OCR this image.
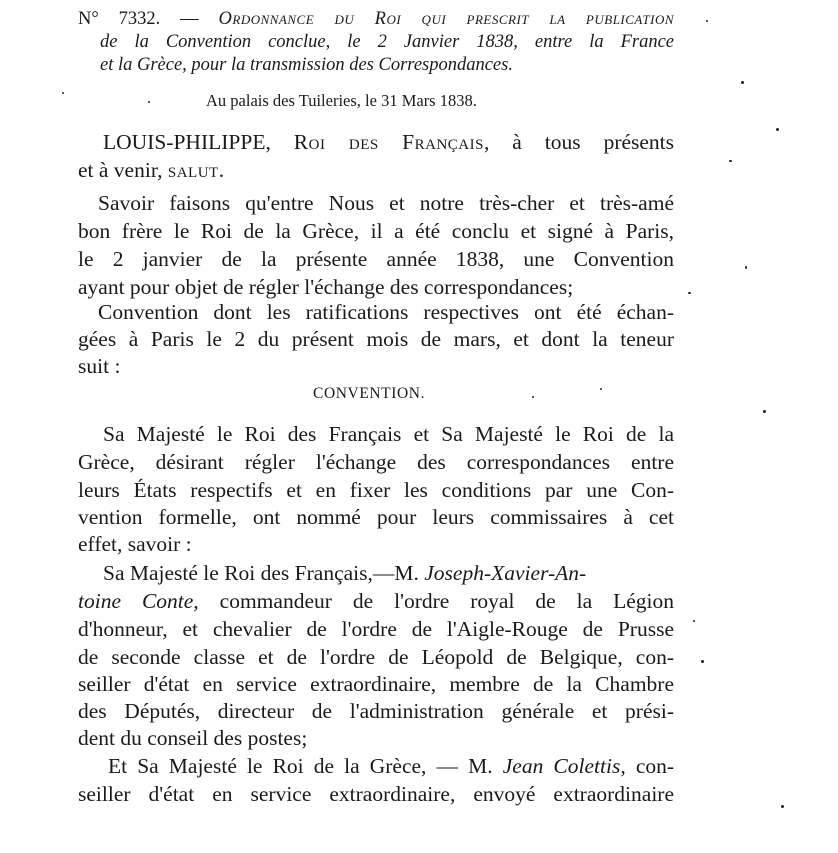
N° 7332. — Ordonnance du Roi qui prescrit la publication
de la Convention conclue, le 2 Janvier 1838, entre la France
et la Grèce, pour la transmission des Correspondances.
Au palais des Tuileries, le 31 Mars 1838.
LOUIS-PHILIPPE, Roi des Français, à tous présents
et à venir, salut.
Savoir faisons qu'entre Nous et notre très-cher et très-amé
bon frère le Roi de la Grèce, il a été conclu et signé à Paris,
le 2 janvier de la présente année 1838, une Convention
ayant pour objet de régler l'échange des correspondances;
Convention dont les ratifications respectives ont été échan-
gées à Paris le 2 du présent mois de mars, et dont la teneur
suit :
CONVENTION.
Sa Majesté le Roi des Français et Sa Majesté le Roi de la
Grèce, désirant régler l'échange des correspondances entre
leurs États respectifs et en fixer les conditions par une Con-
vention formelle, ont nommé pour leurs commissaires à cet
effet, savoir :
Sa Majesté le Roi des Français,—M. Joseph-Xavier-An-
toine Conte, commandeur de l'ordre royal de la Légion
d'honneur, et chevalier de l'ordre de l'Aigle-Rouge de Prusse
de seconde classe et de l'ordre de Léopold de Belgique, con-
seiller d'état en service extraordinaire, membre de la Chambre
des Députés, directeur de l'administration générale et prési-
dent du conseil des postes;
Et Sa Majesté le Roi de la Grèce, — M. Jean Colettis, con-
seiller d'état en service extraordinaire, envoyé extraordinaire
